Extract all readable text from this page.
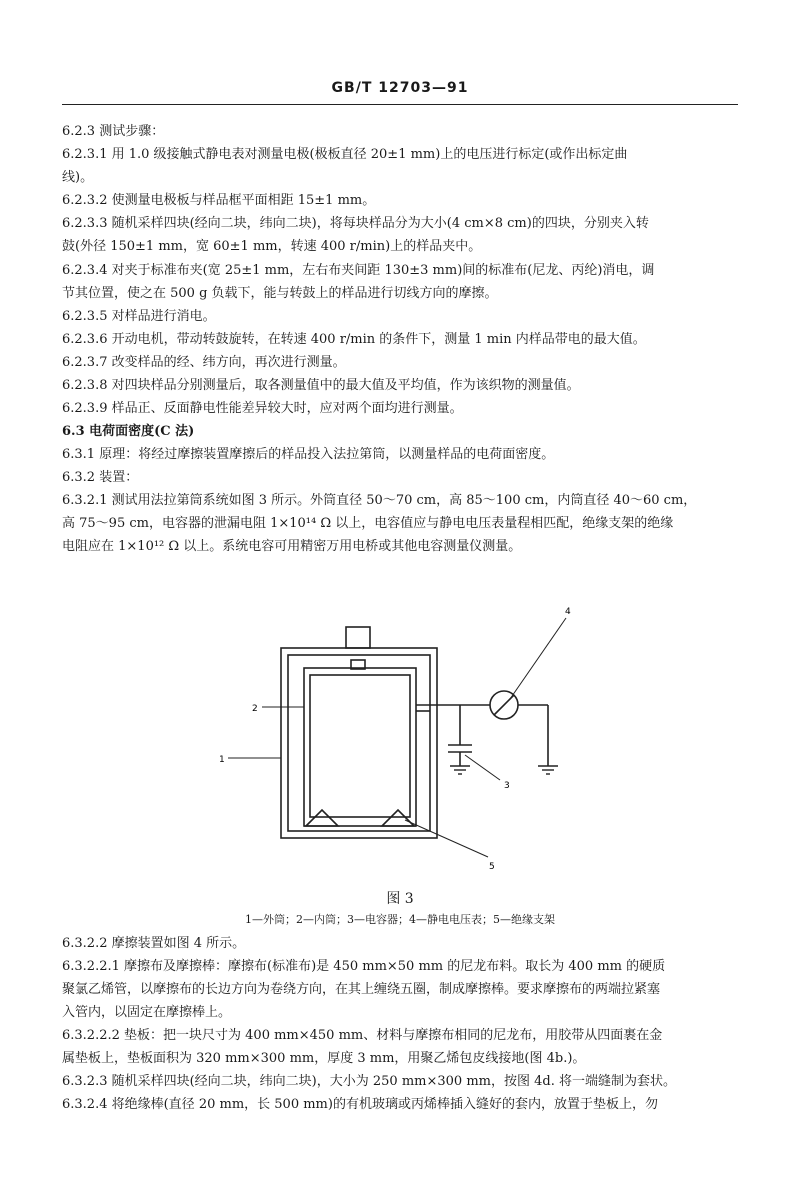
GB/T 12703—91
6.2.3 测试步骤：
6.2.3.1 用 1.0 级接触式静电表对测量电极(极板直径 20±1 mm)上的电压进行标定(或作出标定曲
线)。
6.2.3.2 使测量电极板与样品框平面相距 15±1 mm。
6.2.3.3 随机采样四块(经向二块，纬向二块)，将每块样品分为大小(4 cm×8 cm)的四块，分别夹入转
鼓(外径 150±1 mm，宽 60±1 mm，转速 400 r/min)上的样品夹中。
6.2.3.4 对夹于标准布夹(宽 25±1 mm，左右布夹间距 130±3 mm)间的标准布(尼龙、丙纶)消电，调
节其位置，使之在 500 g 负载下，能与转鼓上的样品进行切线方向的摩擦。
6.2.3.5 对样品进行消电。
6.2.3.6 开动电机，带动转鼓旋转，在转速 400 r/min 的条件下，测量 1 min 内样品带电的最大值。
6.2.3.7 改变样品的经、纬方向，再次进行测量。
6.2.3.8 对四块样品分别测量后，取各测量值中的最大值及平均值，作为该织物的测量值。
6.2.3.9 样品正、反面静电性能差异较大时，应对两个面均进行测量。
6.3 电荷面密度(C 法)
6.3.1 原理：将经过摩擦装置摩擦后的样品投入法拉第筒，以测量样品的电荷面密度。
6.3.2 装置：
6.3.2.1 测试用法拉第筒系统如图 3 所示。外筒直径 50～70 cm，高 85～100 cm，内筒直径 40～60 cm，
高 75～95 cm，电容器的泄漏电阻 1×10¹⁴ Ω 以上，电容值应与静电电压表量程相匹配，绝缘支架的绝缘
电阻应在 1×10¹² Ω 以上。系统电容可用精密万用电桥或其他电容测量仪测量。
2
1
3
4
5
图 3
1—外筒；2—内筒；3—电容器；4—静电电压表；5—绝缘支架
6.3.2.2 摩擦装置如图 4 所示。
6.3.2.2.1 摩擦布及摩擦棒：摩擦布(标准布)是 450 mm×50 mm 的尼龙布料。取长为 400 mm 的硬质
聚氯乙烯管，以摩擦布的长边方向为卷绕方向，在其上缠绕五圈，制成摩擦棒。要求摩擦布的两端拉紧塞
入管内，以固定在摩擦棒上。
6.3.2.2.2 垫板：把一块尺寸为 400 mm×450 mm、材料与摩擦布相同的尼龙布，用胶带从四面裹在金
属垫板上，垫板面积为 320 mm×300 mm，厚度 3 mm，用聚乙烯包皮线接地(图 4b.)。
6.3.2.3 随机采样四块(经向二块，纬向二块)，大小为 250 mm×300 mm，按图 4d. 将一端缝制为套状。
6.3.2.4 将绝缘棒(直径 20 mm，长 500 mm)的有机玻璃或丙烯棒插入缝好的套内，放置于垫板上，勿
